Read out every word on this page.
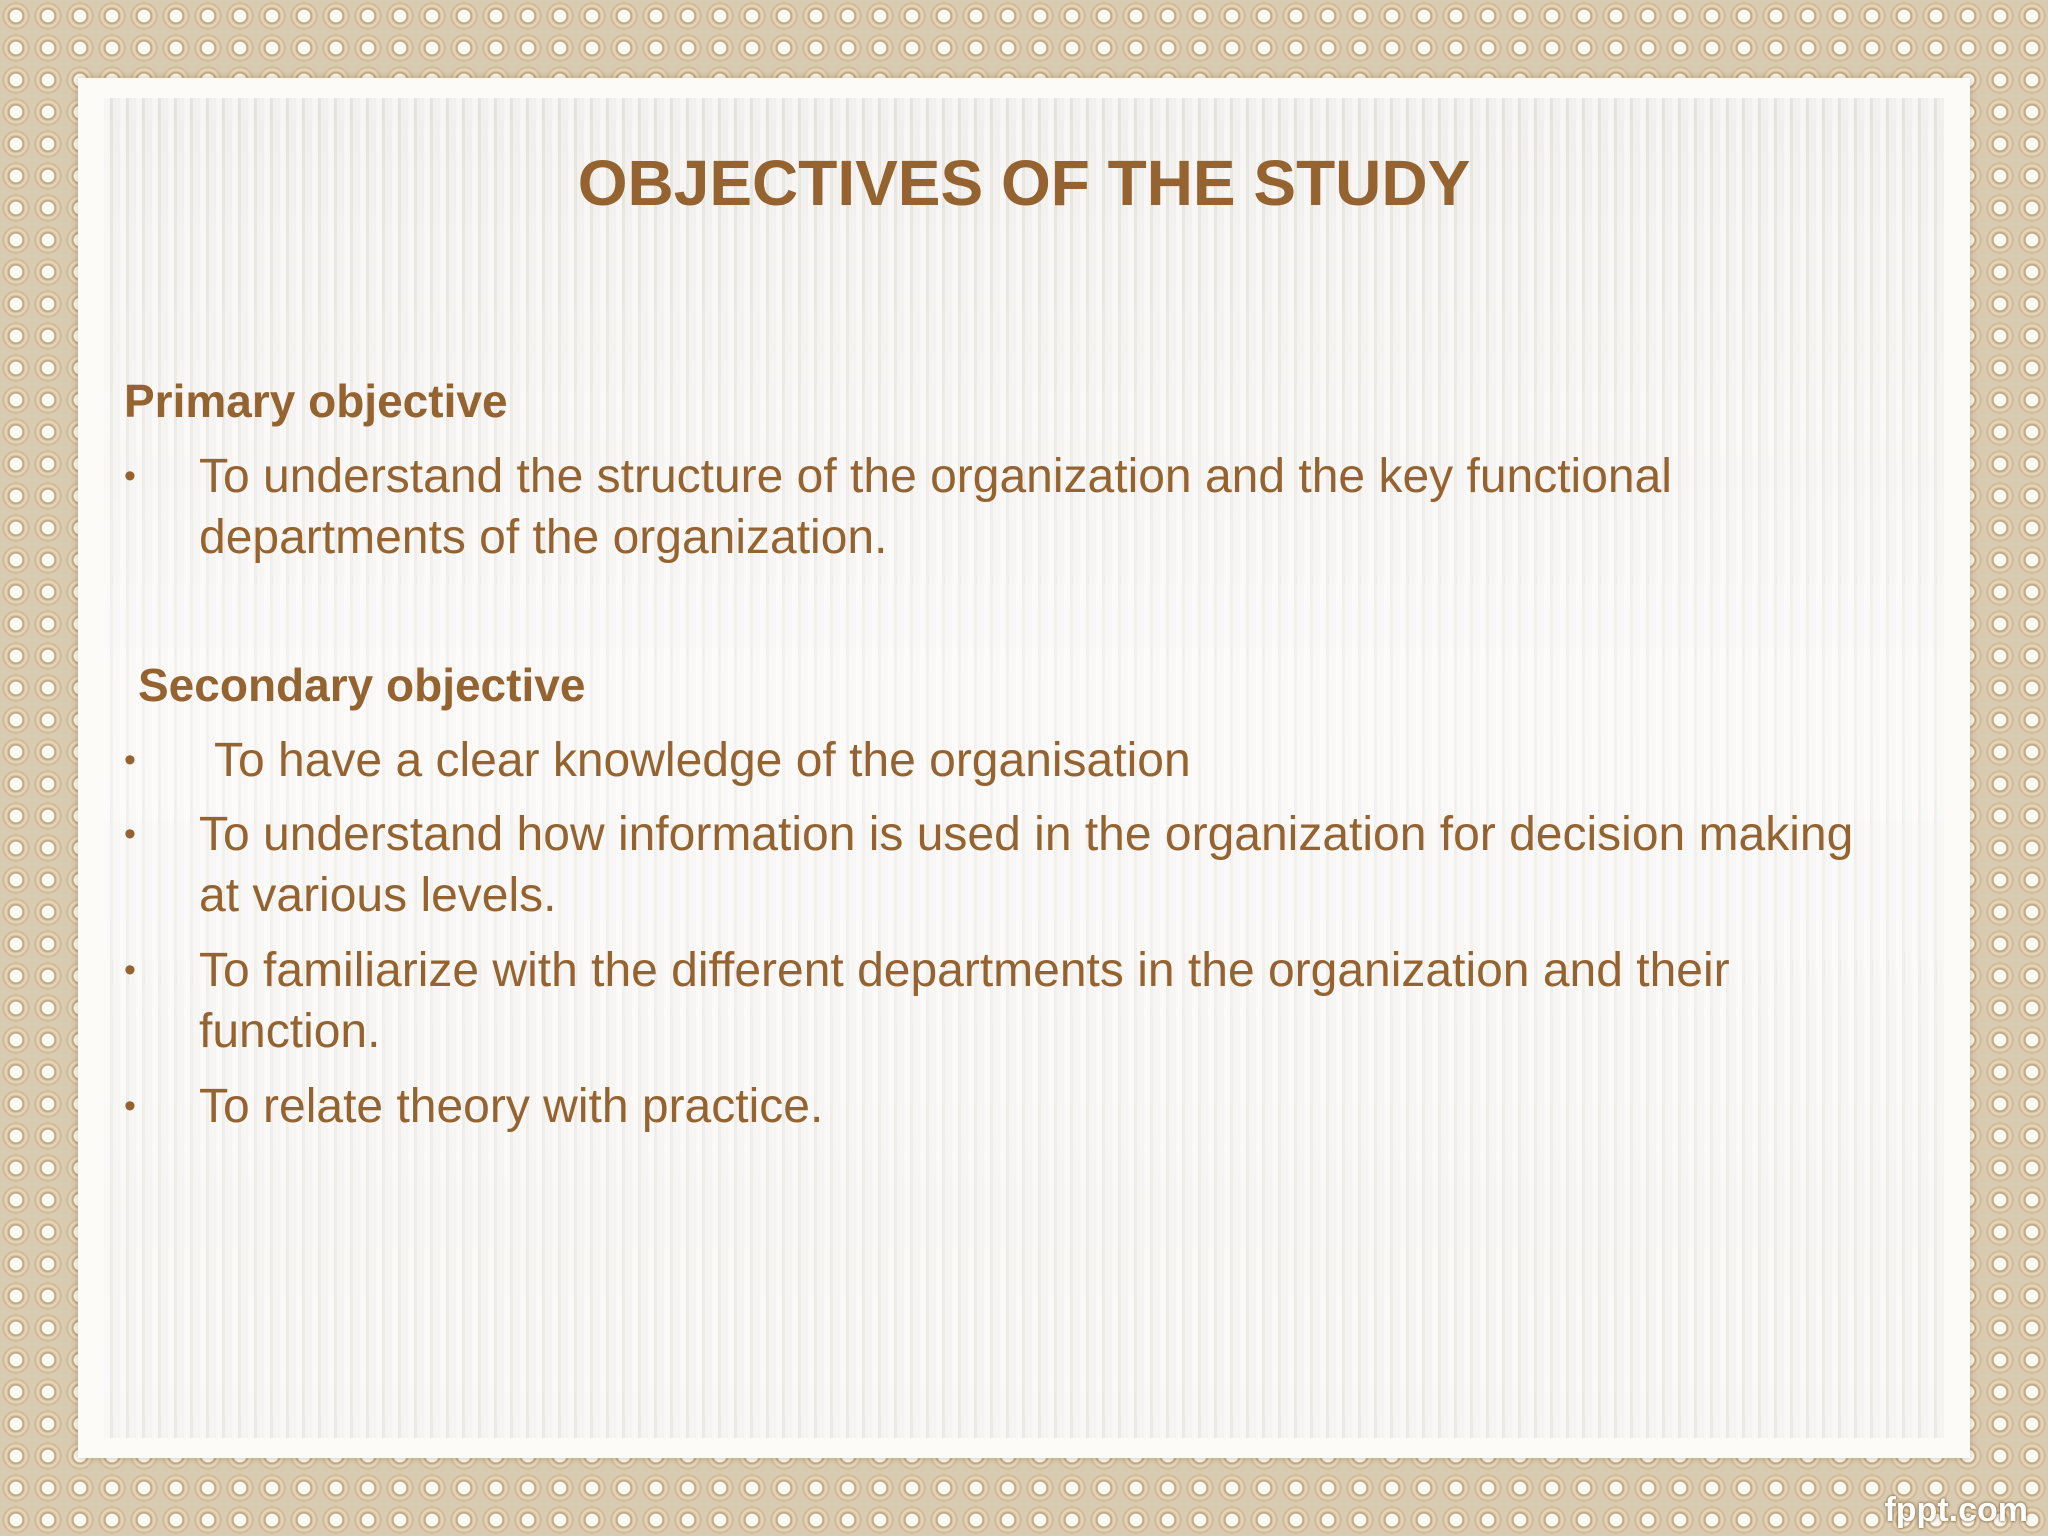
OBJECTIVES OF THE STUDY
Primary objective
• To understand the structure of the organization and the key functional departments of the organization.
Secondary objective
• To have a clear knowledge of the organisation
• To understand how information is used in the organization for decision making at various levels.
• To familiarize with the different departments in the organization and their function.
• To relate theory with practice.
fppt.com
